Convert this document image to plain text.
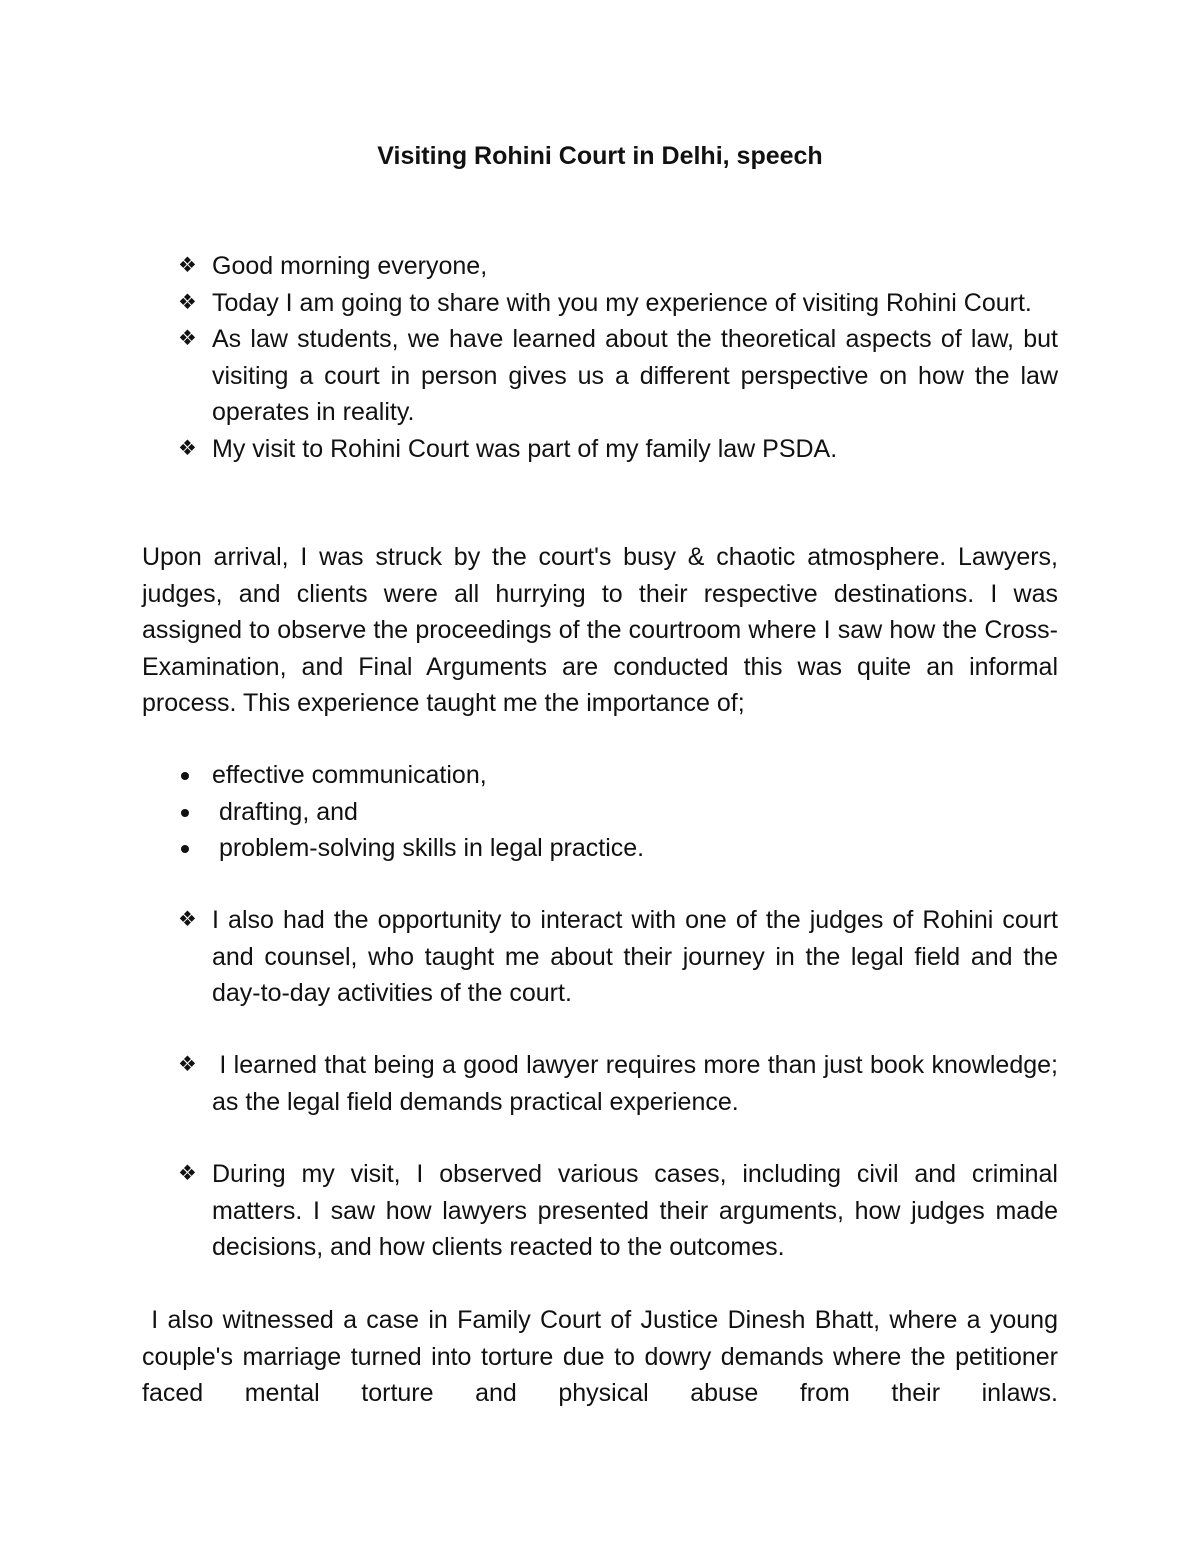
Visiting Rohini Court in Delhi, speech
❖ Good morning everyone,
❖ Today I am going to share with you my experience of visiting Rohini Court.
❖ As law students, we have learned about the theoretical aspects of law, but visiting a court in person gives us a different perspective on how the law operates in reality.
❖ My visit to Rohini Court was part of my family law PSDA.

Upon arrival, I was struck by the court's busy & chaotic atmosphere. Lawyers, judges, and clients were all hurrying to their respective destinations. I was assigned to observe the proceedings of the courtroom where I saw how the Cross-Examination, and Final Arguments are conducted this was quite an informal process. This experience taught me the importance of;

effective communication,
drafting, and
problem-solving skills in legal practice.
❖ I also had the opportunity to interact with one of the judges of Rohini court and counsel, who taught me about their journey in the legal field and the day-to-day activities of the court.
❖ I learned that being a good lawyer requires more than just book knowledge; as the legal field demands practical experience.
❖ During my visit, I observed various cases, including civil and criminal matters. I saw how lawyers presented their arguments, how judges made decisions, and how clients reacted to the outcomes.

I also witnessed a case in Family Court of Justice Dinesh Bhatt, where a young couple's marriage turned into torture due to dowry demands where the petitioner faced mental torture and physical abuse from their inlaws.
